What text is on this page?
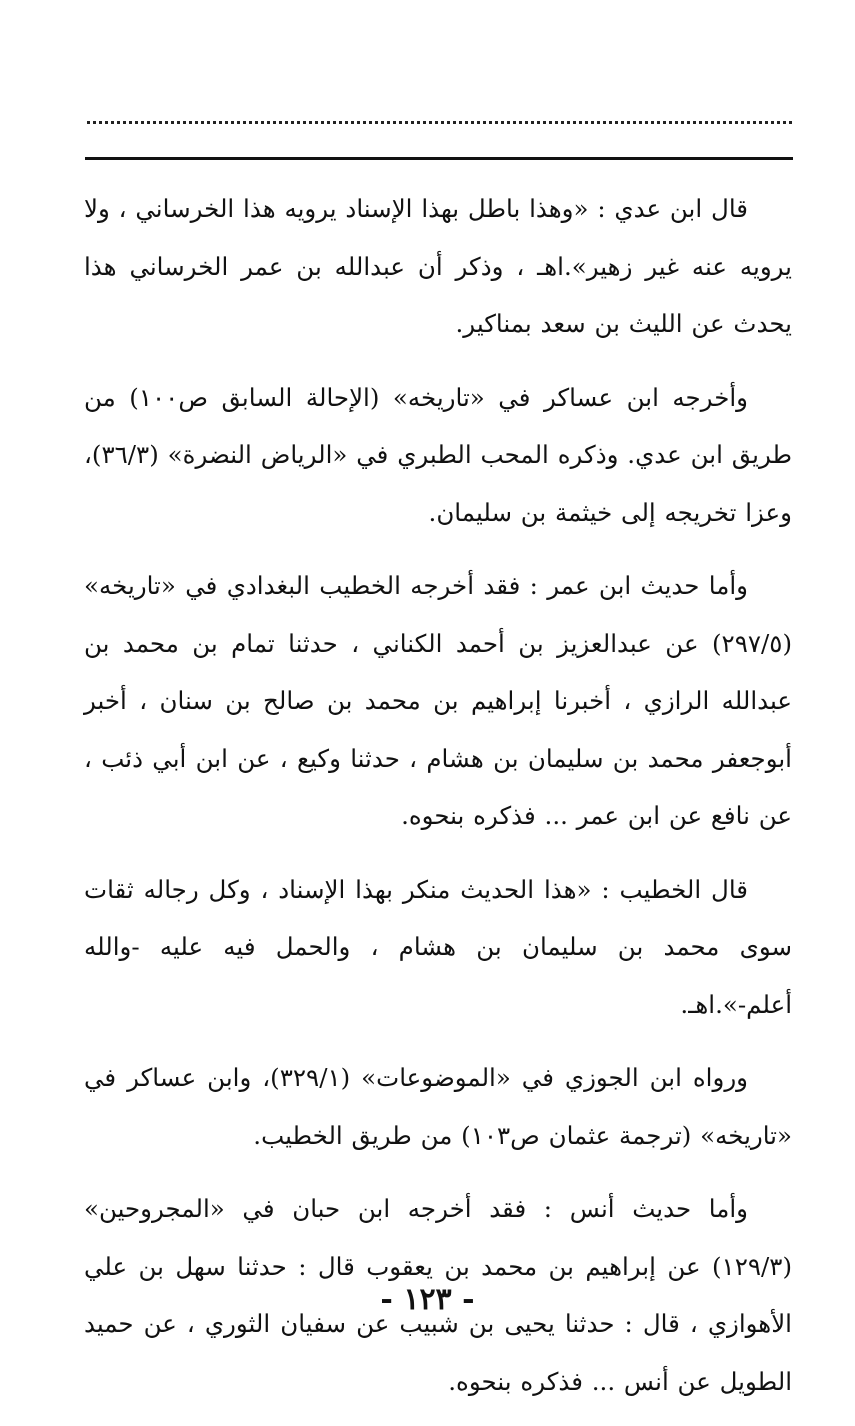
قال ابن عدي : «وهذا باطل بهذا الإسناد يرويه هذا الخرساني ، ولا يرويه عنه غير زهير».اهـ ، وذكر أن عبدالله بن عمر الخرساني هذا يحدث عن الليث بن سعد بمناكير.

وأخرجه ابن عساكر في «تاريخه» (الإحالة السابق ص١٠٠) من طريق ابن عدي. وذكره المحب الطبري في «الرياض النضرة» (٣٦/٣)، وعزا تخريجه إلى خيثمة بن سليمان.

وأما حديث ابن عمر : فقد أخرجه الخطيب البغدادي في «تاريخه» (٢٩٧/٥) عن عبدالعزيز بن أحمد الكناني ، حدثنا تمام بن محمد بن عبدالله الرازي ، أخبرنا إبراهيم بن محمد بن صالح بن سنان ، أخبر أبوجعفر محمد بن سليمان بن هشام ، حدثنا وكيع ، عن ابن أبي ذئب ، عن نافع عن ابن عمر ... فذكره بنحوه.

قال الخطيب : «هذا الحديث منكر بهذا الإسناد ، وكل رجاله ثقات سوى محمد بن سليمان بن هشام ، والحمل فيه عليه -والله أعلم-».اهـ.

ورواه ابن الجوزي في «الموضوعات» (٣٢٩/١)، وابن عساكر في «تاريخه» (ترجمة عثمان ص١٠٣) من طريق الخطيب.

وأما حديث أنس : فقد أخرجه ابن حبان في «المجروحين» (١٢٩/٣) عن إبراهيم بن محمد بن يعقوب قال : حدثنا سهل بن علي الأهوازي ، قال : حدثنا يحيى بن شبيب عن سفيان الثوري ، عن حميد الطويل عن أنس ... فذكره بنحوه.

- ١٢٣ -
